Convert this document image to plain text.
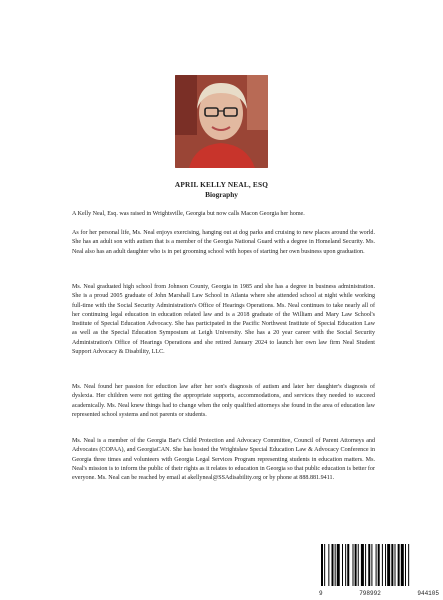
APRIL KELLY NEAL, ESQ
Biography

A Kelly Neal, Esq. was raised in Wrightsville, Georgia but now calls Macon Georgia her home.

As for her personal life, Ms. Neal enjoys exercising, hanging out at dog parks and cruising to new places around the world. She has an adult son with autism that is a member of the Georgia National Guard with a degree in Homeland Security. Ms. Neal also has an adult daughter who is in pet grooming school with hopes of starting her own business upon graduation.

Ms. Neal graduated high school from Johnson County, Georgia in 1985 and she has a degree in business administration. She is a proud 2005 graduate of John Marshall Law School in Atlanta where she attended school at night while working full-time with the Social Security Administration's Office of Hearings Operations. Ms. Neal continues to take nearly all of her continuing legal education in education related law and is a 2018 graduate of the William and Mary Law School's Institute of Special Education Advocacy. She has participated in the Pacific Northwest Institute of Special Education Law as well as the Special Education Symposium at Leigh University. She has a 20 year career with the Social Security Administration's Office of Hearings Operations and she retired January 2024 to launch her own law firm Neal Student Support Advocacy & Disability, LLC.

Ms. Neal found her passion for eduction law after her son's diagnosis of autism and later her daughter's diagnosis of dyslexia. Her children were not getting the appropriate supports, accommodations, and services they needed to succeed academically. Ms. Neal knew things had to change when the only qualified attorneys she found in the area of education law represented school systems and not parents or students.

Ms. Neal is a member of the Georgia Bar's Child Protection and Advocacy Committee, Council of Parent Attorneys and Advocates (COPAA), and GeorgiaCAN. She has hosted the Wrightsław Special Education Law & Advocacy Conference in Georgia three times and volunteers with Georgia Legal Services Program representing students in education matters. Ms. Neal's mission is to inform the public of their rights as it relates to education in Georgia so that public education is better for everyone. Ms. Neal can be reached by email at akellyneal@SSAdisability.org or by phone at 888.881.9411.

9	798992	944105
